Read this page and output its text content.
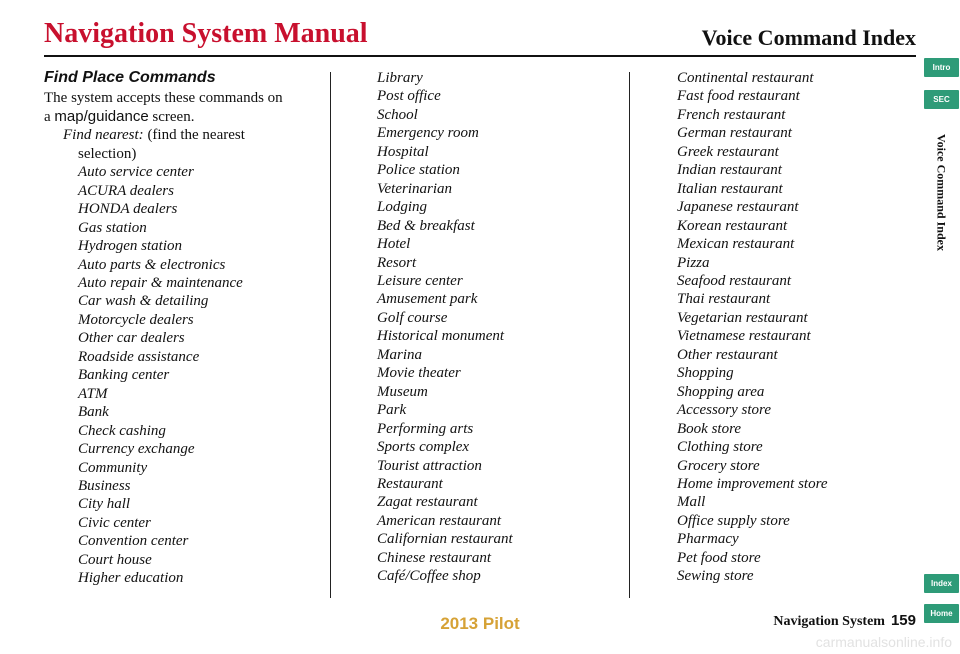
Navigation System Manual	Voice Command Index
Find Place Commands
The system accepts these commands on
a map/guidance screen.
Find nearest: (find the nearest
selection)
Auto service center
ACURA dealers
HONDA dealers
Gas station
Hydrogen station
Auto parts & electronics
Auto repair & maintenance
Car wash & detailing
Motorcycle dealers
Other car dealers
Roadside assistance
Banking center
ATM
Bank
Check cashing
Currency exchange
Community
Business
City hall
Civic center
Convention center
Court house
Higher education
Library
Post office
School
Emergency room
Hospital
Police station
Veterinarian
Lodging
Bed & breakfast
Hotel
Resort
Leisure center
Amusement park
Golf course
Historical monument
Marina
Movie theater
Museum
Park
Performing arts
Sports complex
Tourist attraction
Restaurant
Zagat restaurant
American restaurant
Californian restaurant
Chinese restaurant
Café/Coffee shop
Continental restaurant
Fast food restaurant
French restaurant
German restaurant
Greek restaurant
Indian restaurant
Italian restaurant
Japanese restaurant
Korean restaurant
Mexican restaurant
Pizza
Seafood restaurant
Thai restaurant
Vegetarian restaurant
Vietnamese restaurant
Other restaurant
Shopping
Shopping area
Accessory store
Book store
Clothing store
Grocery store
Home improvement store
Mall
Office supply store
Pharmacy
Pet food store
Sewing store
Intro
SEC
Voice Command Index
Index
Home
Navigation System 159
2013 Pilot
carmanualsonline.info
